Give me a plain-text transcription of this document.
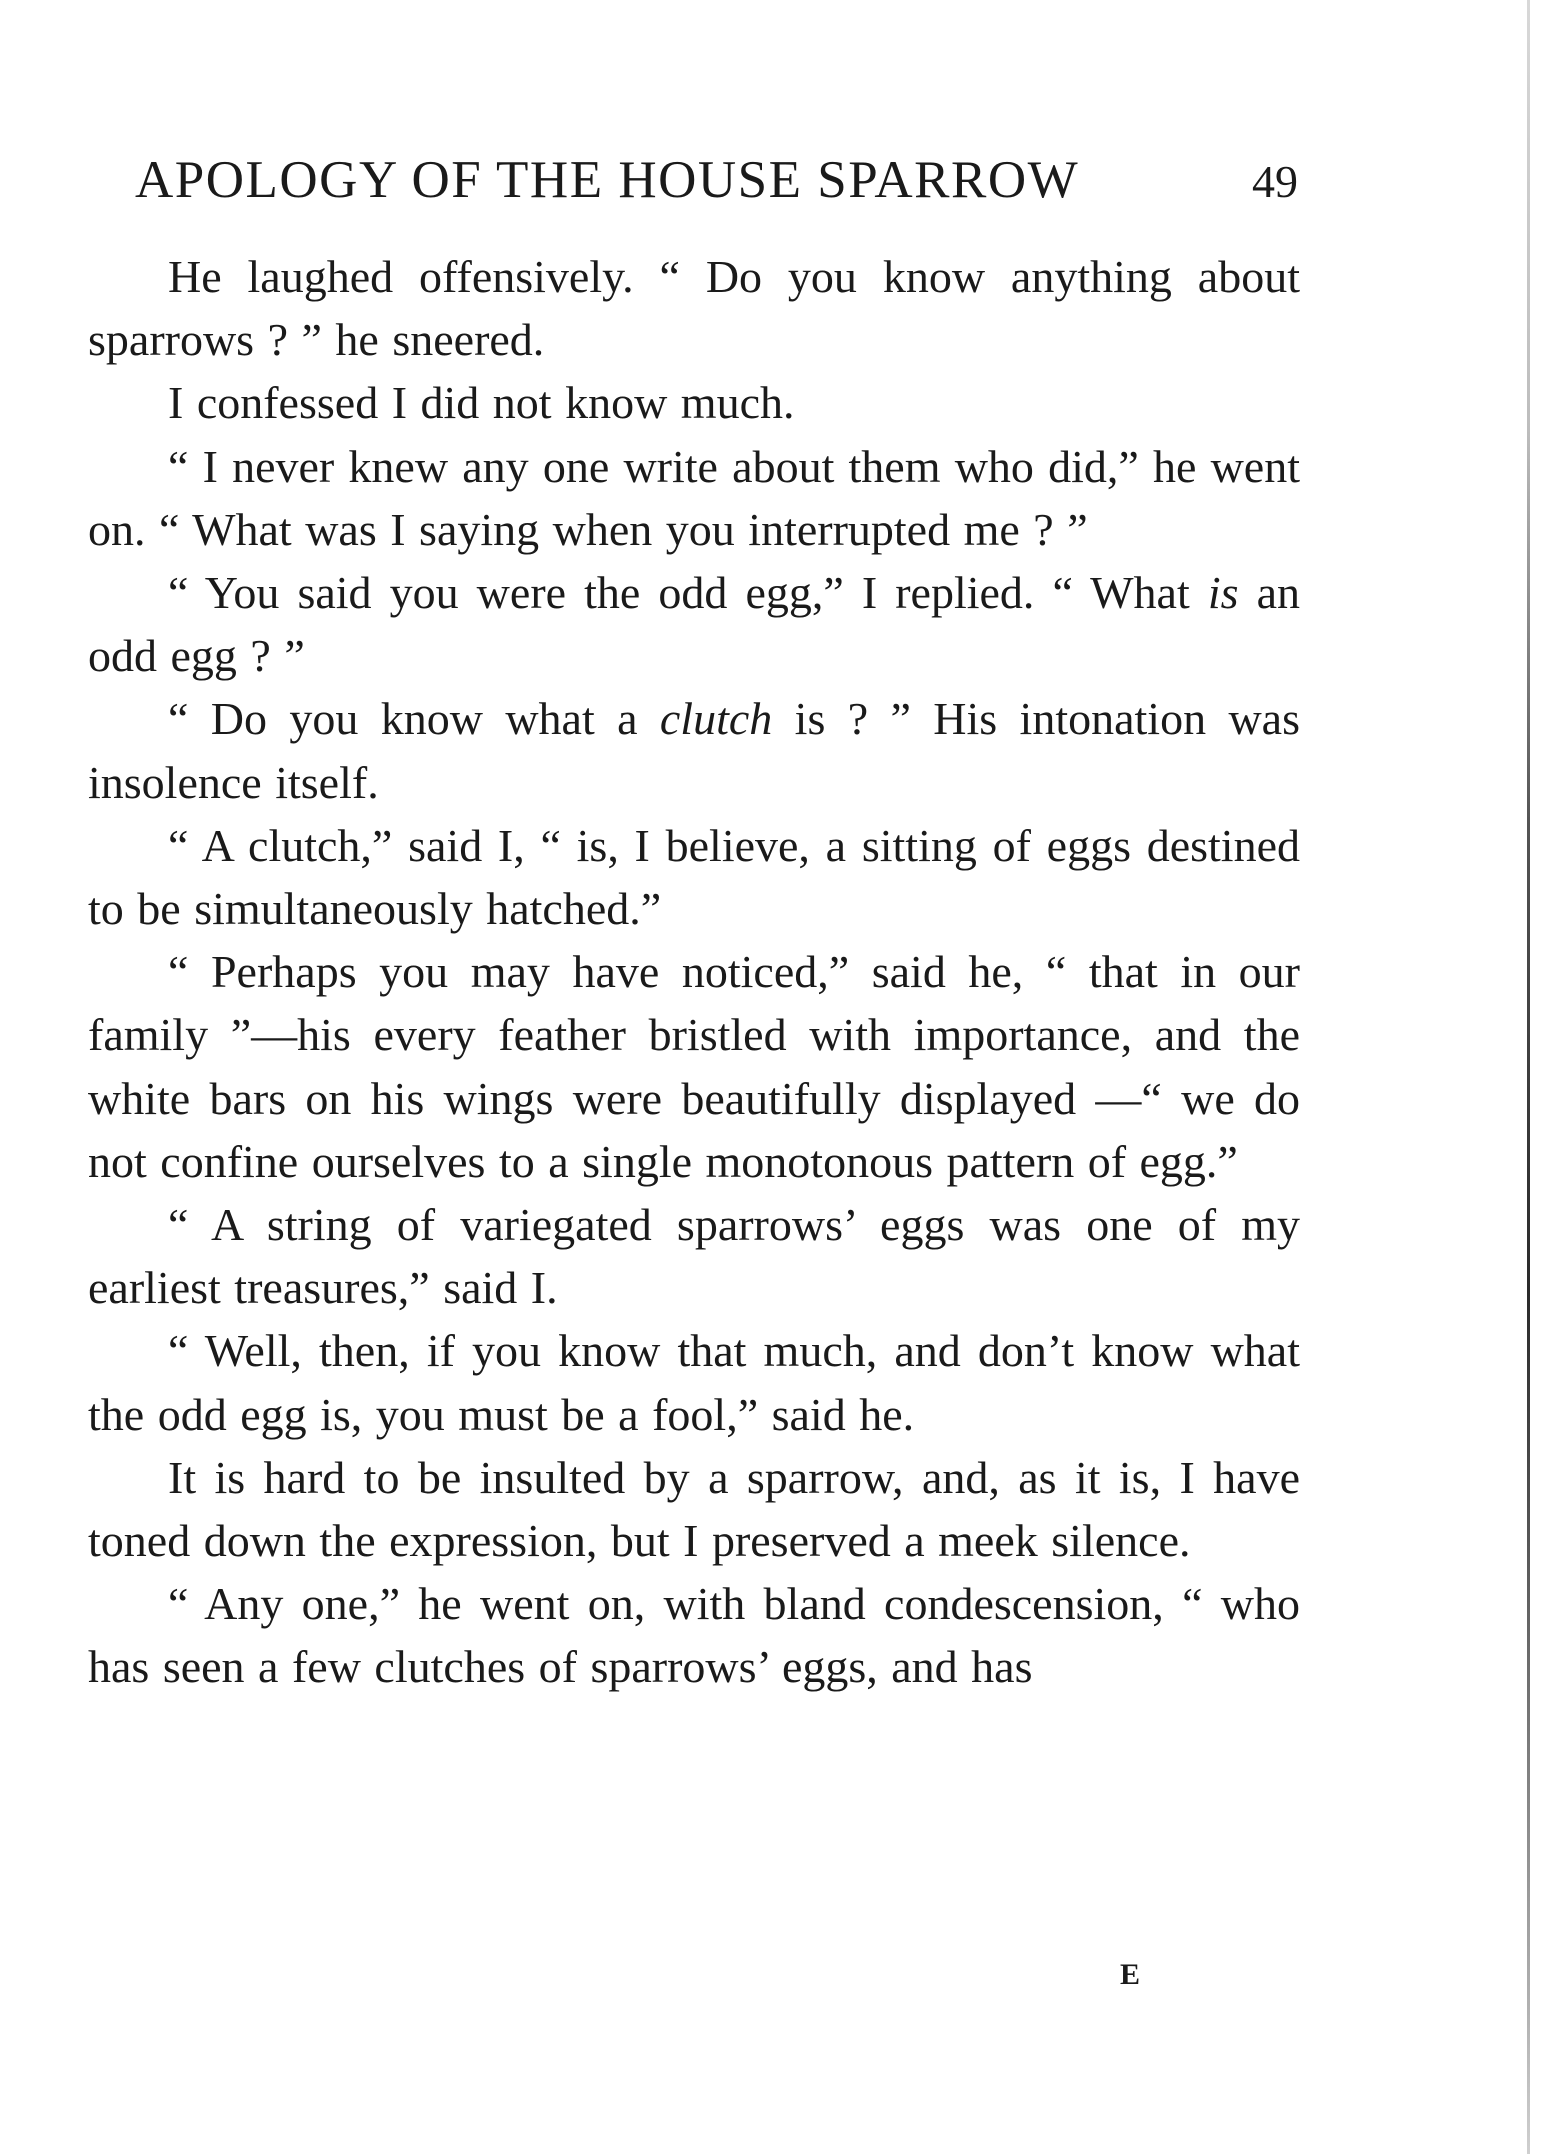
APOLOGY OF THE HOUSE SPARROW	49

He laughed offensively. “ Do you know anything about sparrows ? ” he sneered.

I confessed I did not know much.

“ I never knew any one write about them who did,” he went on. “ What was I saying when you interrupted me ? ”

“ You said you were the odd egg,” I replied. “ What is an odd egg ? ”

“ Do you know what a clutch is ? ” His intonation was insolence itself.

“ A clutch,” said I, “ is, I believe, a sitting of eggs destined to be simultaneously hatched.”

“ Perhaps you may have noticed,” said he, “ that in our family ”—his every feather bristled with importance, and the white bars on his wings were beautifully displayed —“ we do not confine ourselves to a single monotonous pattern of egg.”

“ A string of variegated sparrows’ eggs was one of my earliest treasures,” said I.

“ Well, then, if you know that much, and don’t know what the odd egg is, you must be a fool,” said he.

It is hard to be insulted by a sparrow, and, as it is, I have toned down the expression, but I preserved a meek silence.

“ Any one,” he went on, with bland condescension, “ who has seen a few clutches of sparrows’ eggs, and has

E
